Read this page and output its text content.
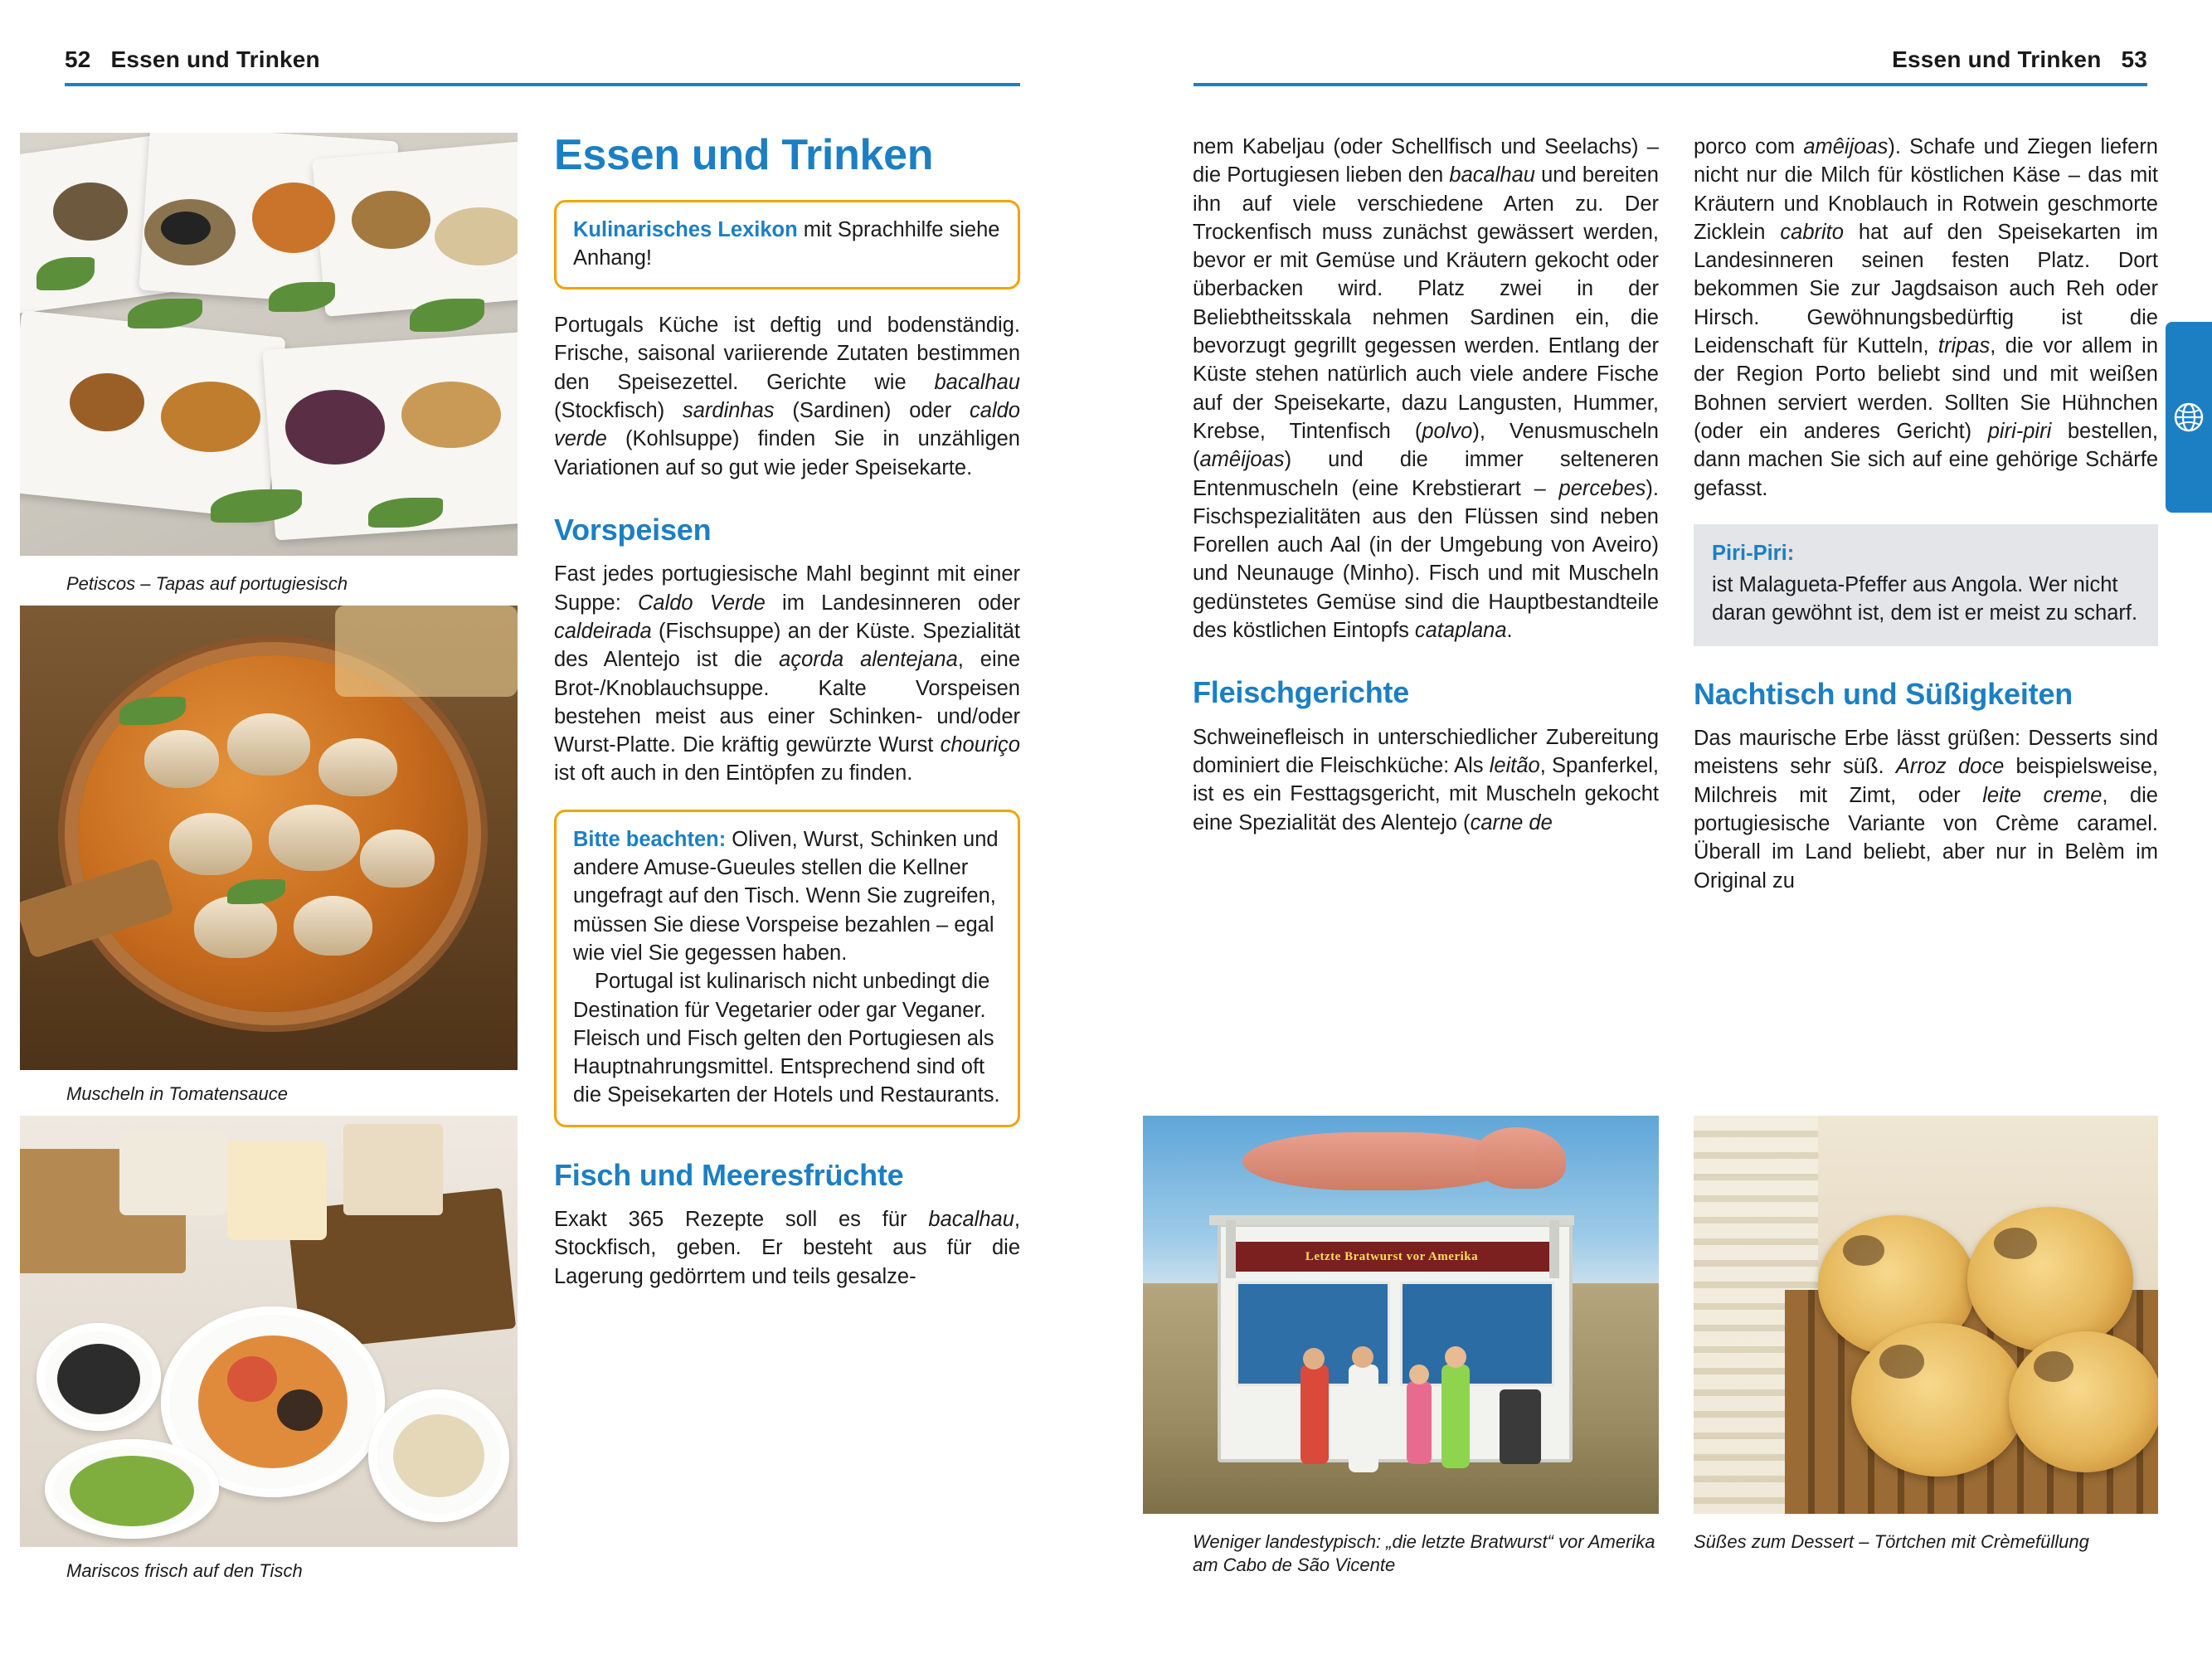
52 Essen und Trinken	Essen und Trinken 53
Petiscos – Tapas auf portugiesisch
Muscheln in Tomatensauce
Mariscos frisch auf den Tisch
Letzte Bratwurst vor Amerika
Weniger landestypisch: „die letzte Bratwurst“ vor Amerika am Cabo de São Vicente
Süßes zum Dessert – Törtchen mit Crèmefüllung
Essen und Trinken

Kulinarisches Lexikon mit Sprachhilfe siehe Anhang!

Portugals Küche ist deftig und bodenständig. Frische, saisonal variierende Zutaten bestimmen den Speisezettel. Gerichte wie bacalhau (Stockfisch) sardinhas (Sardinen) oder caldo verde (Kohlsuppe) finden Sie in unzähligen Variationen auf so gut wie jeder Speisekarte.

Vorspeisen

Fast jedes portugiesische Mahl beginnt mit einer Suppe: Caldo Verde im Landesinneren oder caldeirada (Fischsuppe) an der Küste. Spezialität des Alentejo ist die açorda alentejana, eine Brot-/Knoblauchsuppe. Kalte Vorspeisen bestehen meist aus einer Schinken- und/oder Wurst-Platte. Die kräftig gewürzte Wurst chouriço ist oft auch in den Eintöpfen zu finden.

Bitte beachten: Oliven, Wurst, Schinken und andere Amuse-Gueules stellen die Kellner ungefragt auf den Tisch. Wenn Sie zugreifen, müssen Sie diese Vorspeise bezahlen – egal wie viel Sie gegessen haben.

Portugal ist kulinarisch nicht unbedingt die Destination für Vegetarier oder gar Veganer. Fleisch und Fisch gelten den Portugiesen als Hauptnahrungsmittel. Entsprechend sind oft die Speisekarten der Hotels und Restaurants.

Fisch und Meeresfrüchte

Exakt 365 Rezepte soll es für bacalhau, Stockfisch, geben. Er besteht aus für die Lagerung gedörrtem und teils gesalze-

nem Kabeljau (oder Schellfisch und Seelachs) – die Portugiesen lieben den bacalhau und bereiten ihn auf viele verschiedene Arten zu. Der Trockenfisch muss zunächst gewässert werden, bevor er mit Gemüse und Kräutern gekocht oder überbacken wird. Platz zwei in der Beliebtheitsskala nehmen Sardinen ein, die bevorzugt gegrillt gegessen werden. Entlang der Küste stehen natürlich auch viele andere Fische auf der Speisekarte, dazu Langusten, Hummer, Krebse, Tintenfisch (polvo), Venusmuscheln (amêijoas) und die immer selteneren Entenmuscheln (eine Krebstierart – percebes). Fischspezialitäten aus den Flüssen sind neben Forellen auch Aal (in der Umgebung von Aveiro) und Neunauge (Minho). Fisch und mit Muscheln gedünstetes Gemüse sind die Hauptbestandteile des köstlichen Eintopfs cataplana.

Fleischgerichte

Schweinefleisch in unterschiedlicher Zubereitung dominiert die Fleischküche: Als leitão, Spanferkel, ist es ein Festtagsgericht, mit Muscheln gekocht eine Spezialität des Alentejo (carne de

porco com amêijoas). Schafe und Ziegen liefern nicht nur die Milch für köstlichen Käse – das mit Kräutern und Knoblauch in Rotwein geschmorte Zicklein cabrito hat auf den Speisekarten im Landesinneren seinen festen Platz. Dort bekommen Sie zur Jagdsaison auch Reh oder Hirsch. Gewöhnungsbedürftig ist die Leidenschaft für Kutteln, tripas, die vor allem in der Region Porto beliebt sind und mit weißen Bohnen serviert werden. Sollten Sie Hühnchen (oder ein anderes Gericht) piri-piri bestellen, dann machen Sie sich auf eine gehörige Schärfe gefasst.

Piri-Piri:
ist Malagueta-Pfeffer aus Angola. Wer nicht daran gewöhnt ist, dem ist er meist zu scharf.
Nachtisch und Süßigkeiten

Das maurische Erbe lässt grüßen: Desserts sind meistens sehr süß. Arroz doce beispielsweise, Milchreis mit Zimt, oder leite creme, die portugiesische Variante von Crème caramel. Überall im Land beliebt, aber nur in Belèm im Original zu
